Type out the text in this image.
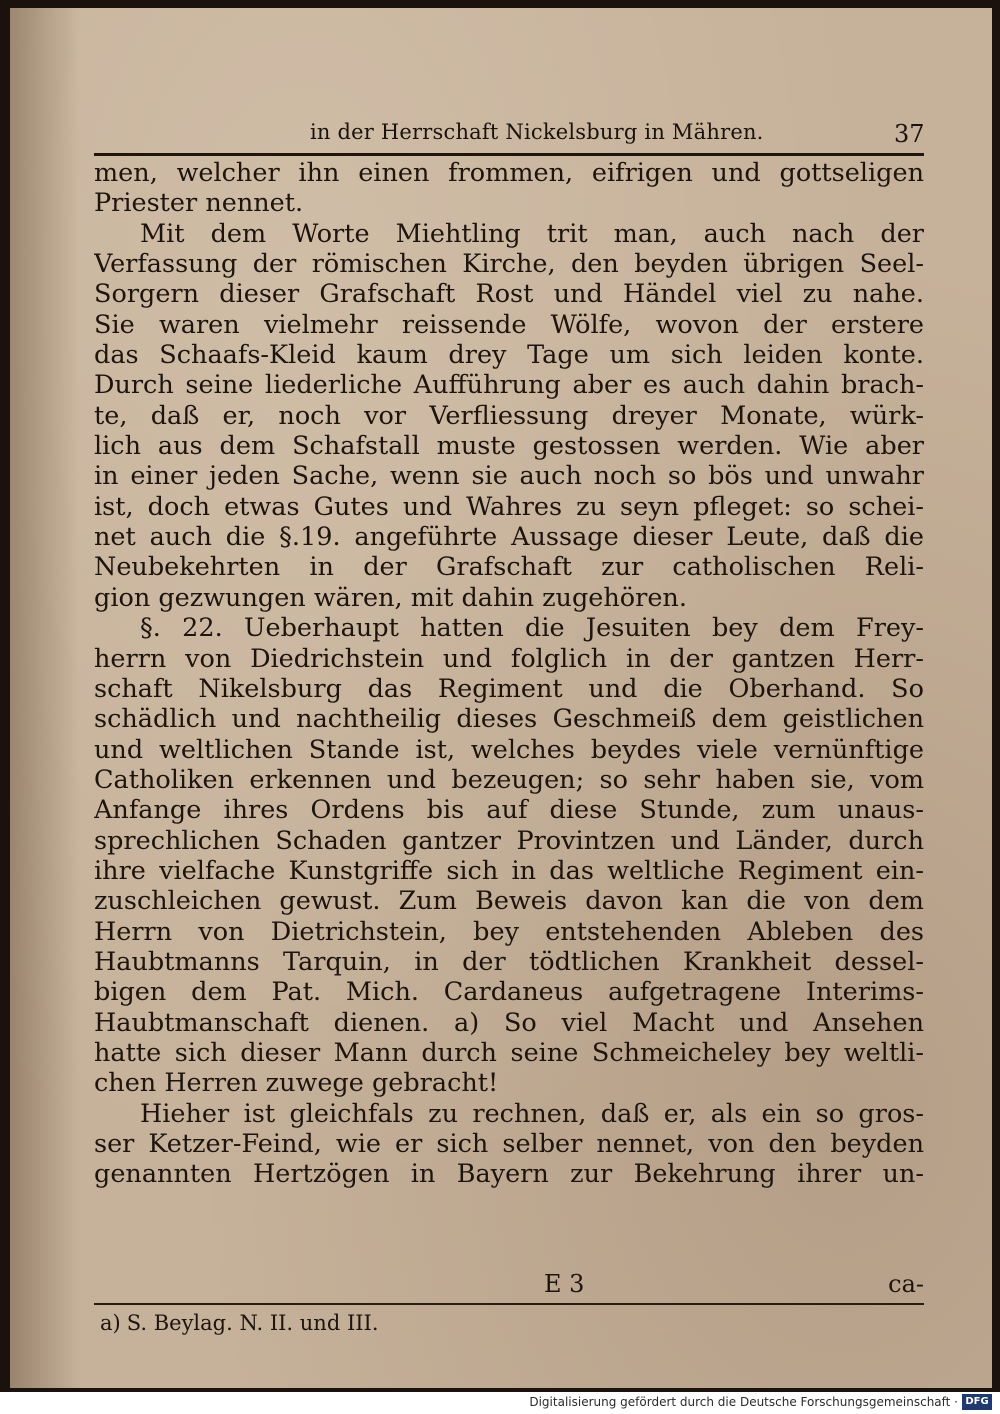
in der Herrschaft Nickelsburg in Mähren.	37
men, welcher ihn einen frommen, eifrigen und gottseligen
Priester nennet.
Mit dem Worte Miehtling trit man, auch nach der
Verfassung der römischen Kirche, den beyden übrigen Seel-
Sorgern dieser Grafschaft Rost und Händel viel zu nahe.
Sie waren vielmehr reissende Wölfe, wovon der erstere
das Schaafs-Kleid kaum drey Tage um sich leiden konte.
Durch seine liederliche Aufführung aber es auch dahin brach-
te, daß er, noch vor Verfliessung dreyer Monate, würk-
lich aus dem Schafstall muste gestossen werden. Wie aber
in einer jeden Sache, wenn sie auch noch so bös und unwahr
ist, doch etwas Gutes und Wahres zu seyn pfleget: so schei-
net auch die §.19. angeführte Aussage dieser Leute, daß die
Neubekehrten in der Grafschaft zur catholischen Reli-
gion gezwungen wären, mit dahin zugehören.
§. 22. Ueberhaupt hatten die Jesuiten bey dem Frey-
herrn von Diedrichstein und folglich in der gantzen Herr-
schaft Nikelsburg das Regiment und die Oberhand. So
schädlich und nachtheilig dieses Geschmeiß dem geistlichen
und weltlichen Stande ist, welches beydes viele vernünftige
Catholiken erkennen und bezeugen; so sehr haben sie, vom
Anfange ihres Ordens bis auf diese Stunde, zum unaus-
sprechlichen Schaden gantzer Provintzen und Länder, durch
ihre vielfache Kunstgriffe sich in das weltliche Regiment ein-
zuschleichen gewust. Zum Beweis davon kan die von dem
Herrn von Dietrichstein, bey entstehenden Ableben des
Haubtmanns Tarquin, in der tödtlichen Krankheit dessel-
bigen dem Pat. Mich. Cardaneus aufgetragene Interims-
Haubtmanschaft dienen. a) So viel Macht und Ansehen
hatte sich dieser Mann durch seine Schmeicheley bey weltli-
chen Herren zuwege gebracht!
Hieher ist gleichfals zu rechnen, daß er, als ein so gros-
ser Ketzer-Feind, wie er sich selber nennet, von den beyden
genannten Hertzögen in Bayern zur Bekehrung ihrer un-
E 3	ca-
a) S. Beylag. N. II. und III.
Digitalisierung gefördert durch die Deutsche Forschungsgemeinschaft · DFG
